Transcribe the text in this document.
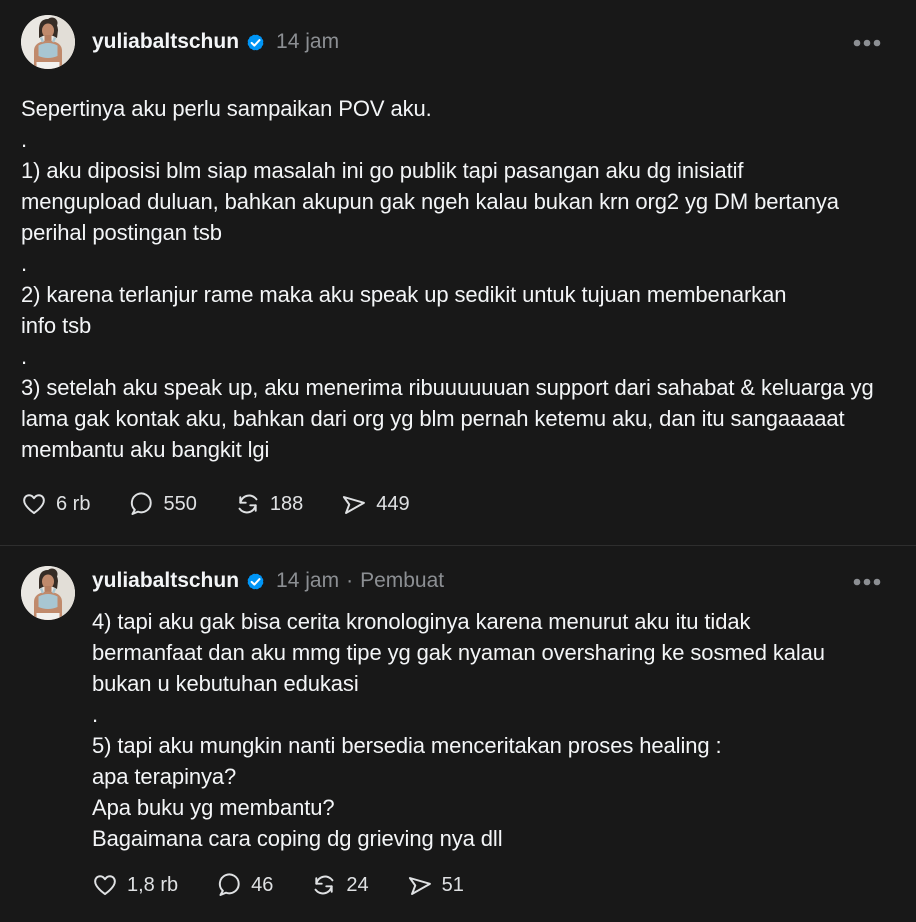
yuliabaltschun 14 jam
Sepertinya aku perlu sampaikan POV aku.
.
1) aku diposisi blm siap masalah ini go publik tapi pasangan aku dg inisiatif
mengupload duluan, bahkan akupun gak ngeh kalau bukan krn org2 yg DM bertanya
perihal postingan tsb
.
2) karena terlanjur rame maka aku speak up sedikit untuk tujuan membenarkan
info tsb
.
3) setelah aku speak up, aku menerima ribuuuuuuan support dari sahabat & keluarga yg
lama gak kontak aku, bahkan dari org yg blm pernah ketemu aku, dan itu sangaaaaat
membantu aku bangkit lgi
6 rb	550	188	449
yuliabaltschun 14 jam · Pembuat
4) tapi aku gak bisa cerita kronologinya karena menurut aku itu tidak
bermanfaat dan aku mmg tipe yg gak nyaman oversharing ke sosmed kalau
bukan u kebutuhan edukasi
.
5) tapi aku mungkin nanti bersedia menceritakan proses healing :
apa terapinya?
Apa buku yg membantu?
Bagaimana cara coping dg grieving nya dll
1,8 rb	46	24	51
